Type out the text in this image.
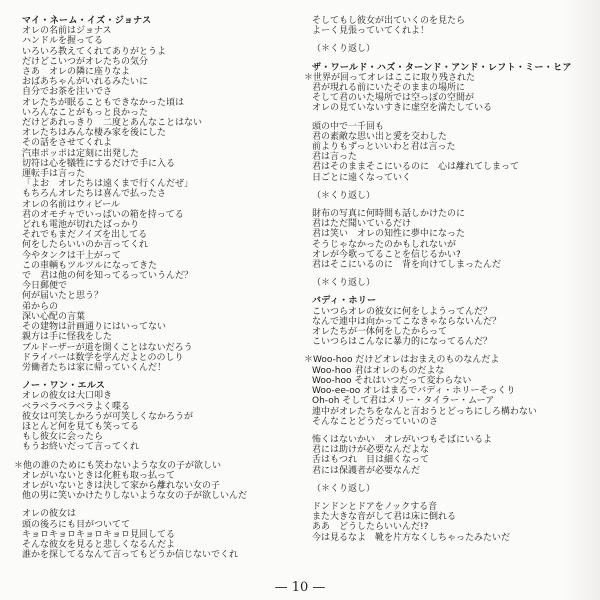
マイ・ネーム・イズ・ジョナス
オレの名前はジョナス
ハンドルを握ってる
いろいろ教えてくれてありがとうよ
だけどこいつがオレたちの気分
さあ　オレの隣に座りなよ
おばあちゃんがいれるみたいに
自分でお茶を注いでさ
オレたちが眠ることもできなかった頃は
いろんなことがもっと良かった
だけどあれっきり　二度とあんなことはない
オレたちはみんな棲み家を後にした
その話をさせてくれよ
汽車ポッポは定刻に出発した
切符は心を犠牲にするだけで手に入る
運転手は言った
「よお　オレたちは遠くまで行くんだぜ」
もちろんオレたちは喜んで払ったさ
オレの名前はウィビール
君のオモチャでいっぱいの箱を持ってる
どれも電池が切れたばっかり
それでもまだノイズを出してる
何をしたらいいのか言ってくれ
今やタンクは干上がって
この車輌もツルツルになってきた
で　君は他の何を知ってるっていうんだ？
今日郵便で
何が届いたと思う？
弟からの
深い心配の言葉
その建物は計画通りにはいってない
親方は手に怪我をした
ブルドーザーが道を開くことはないだろう
ドライバーは数学を学んだよとののしり
労働者たちは家に帰っていくんだ！
ノー・ワン・エルス
オレの彼女は大口叩き
ベラベラベラベラよく喋る
彼女は可笑しかろうが可笑しくなかろうが
ほとんど何を見ても笑ってる
もし彼女に会ったら
もうお終いだって言ってくれ
＊他の誰のためにも笑わないような女の子が欲しい
オレがいないときは化粧も取っ払って
オレがいないときは決して家から離れない女の子
他の男に笑いかけたりしないような女の子が欲しいんだ
オレの彼女は
頭の後ろにも目がついてて
キョロキョロキョロキョロ見回してる
そんな彼女を見ると悲しくなるんだよ
誰かを探してるなんて言ってもどうか信じないでくれ
そしてもし彼女が出ていくのを見たら
よーく見張っていてくれよ！
（＊くり返し）
ザ・ワールド・ハズ・ターンド・アンド・レフト・ミー・ヒア
＊世界が回ってオレはここに取り残された
君が現れる前にいたそのままの場所に
そして君のいた場所では空っぽの空間が
オレの見ていないすきに虚空を満たしている
頭の中で一千回も
君の素敵な思い出と愛を交わした
前よりもずっといいわと君は言った
君は言った
君はそのままそこにいるのに　心は離れてしまって
日ごとに遠くなっていく
（＊くり返し）
財布の写真に何時間も話しかけたのに
君はただ聞いているだけ
君は笑い　オレの知性に夢中になった
そうじゃなかったのかもしれないが
オレが今歌ってることを信じるかい?
君はそこにいるのに　背を向けてしまったんだ
（＊くり返し）
バディ・ホリー
こいつらオレの彼女に何をしようってんだ？
なんで連中は向かってこなきゃならないんだ？
オレたちが一体何をしたからって
こいつらはこんなに暴力的になってるんだ？
＊Woo-hoo だけどオレはおまえのものなんだよ
Woo-hoo 君はオレのものだよな
Woo-hoo それはいつだって変わらない
Woo-ee-oo オレはまるでバディ・ホリーそっくり
Oh-oh そして君はメリー・タイラー・ムーア
連中がオレたちをなんと言おうとどっちにしろ構わない
そんなことどうだっていいのさ
怖くはないかい　オレがいつもそばにいるよ
君には助けが必要なんだよな
舌はもつれ　目は細くなって
君には保護者が必要なんだ
（＊くり返し）
ドンドンとドアをノックする音
また大きな音がして君は床に倒れる
ああ　どうしたらいいんだ!?
今は見るなよ　靴を片方なくしちゃったみたいだ
— 10 —
